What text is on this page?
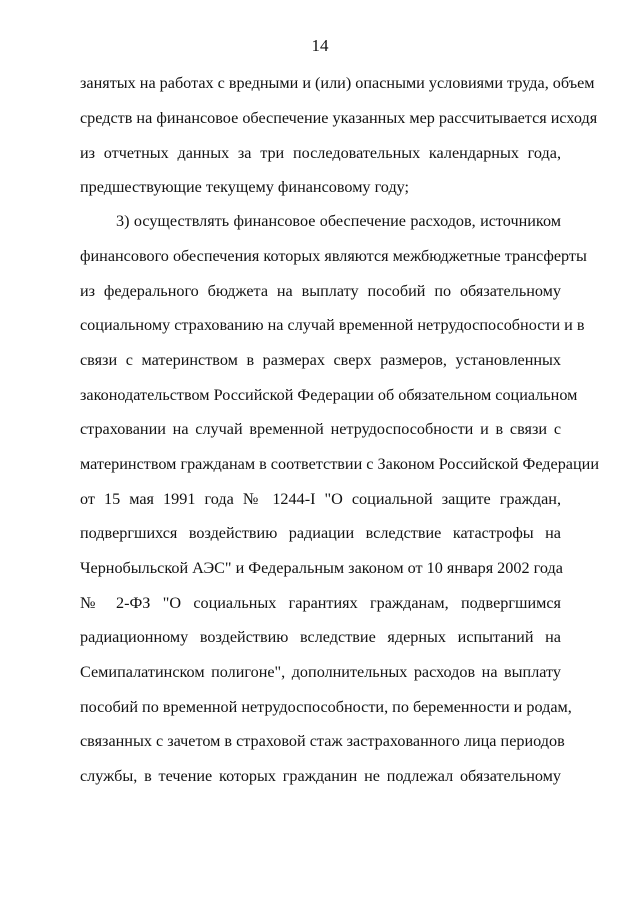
14
занятых на работах с вредными и (или) опасными условиями труда, объем
средств на финансовое обеспечение указанных мер рассчитывается исходя
из отчетных данных за три последовательных календарных года,
предшествующие текущему финансовому году;
3) осуществлять финансовое обеспечение расходов, источником
финансового обеспечения которых являются межбюджетные трансферты
из федерального бюджета на выплату пособий по обязательному
социальному страхованию на случай временной нетрудоспособности и в
связи с материнством в размерах сверх размеров, установленных
законодательством Российской Федерации об обязательном социальном
страховании на случай временной нетрудоспособности и в связи с
материнством гражданам в соответствии с Законом Российской Федерации
от 15 мая 1991 года № 1244-I "О социальной защите граждан,
подвергшихся воздействию радиации вследствие катастрофы на
Чернобыльской АЭС" и Федеральным законом от 10 января 2002 года
№ 2-ФЗ "О социальных гарантиях гражданам, подвергшимся
радиационному воздействию вследствие ядерных испытаний на
Семипалатинском полигоне", дополнительных расходов на выплату
пособий по временной нетрудоспособности, по беременности и родам,
связанных с зачетом в страховой стаж застрахованного лица периодов
службы, в течение которых гражданин не подлежал обязательному
